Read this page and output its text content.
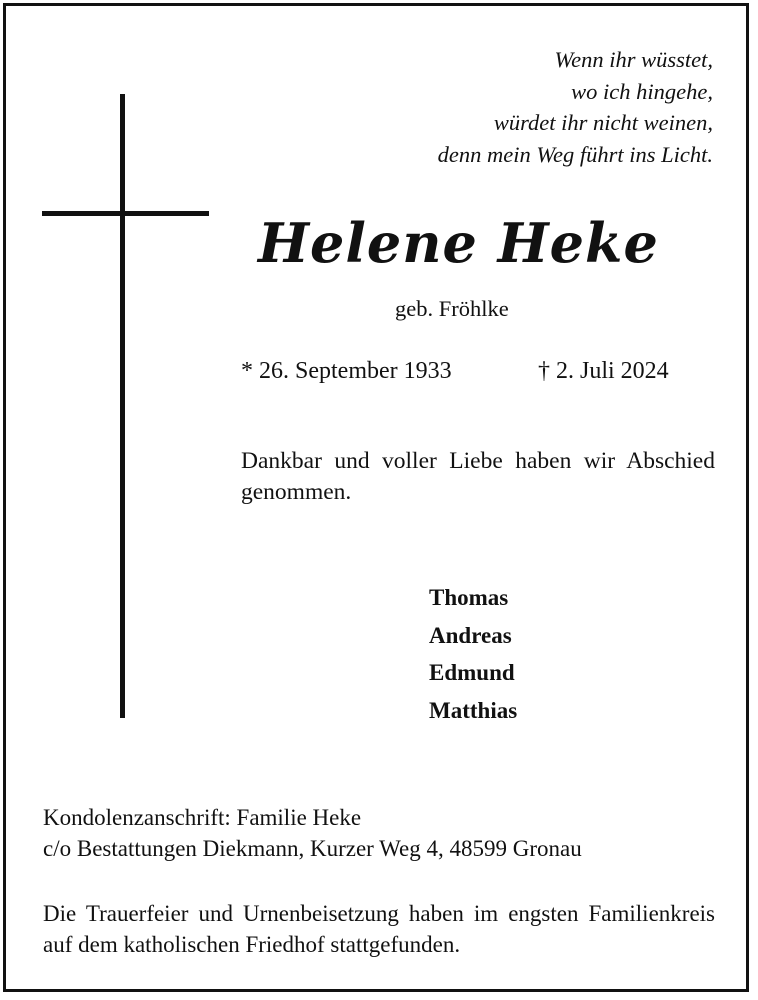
Wenn ihr wüsstet,
wo ich hingehe,
würdet ihr nicht weinen,
denn mein Weg führt ins Licht.
Helene Heke
geb. Fröhlke
* 26. September 1933	† 2. Juli 2024
Dankbar und voller Liebe haben wir Abschied genommen.
Thomas
Andreas
Edmund
Matthias
Kondolenzanschrift: Familie Heke
c/o Bestattungen Diekmann, Kurzer Weg 4, 48599 Gronau
Die Trauerfeier und Urnenbeisetzung haben im engsten Familienkreis auf dem katholischen Friedhof stattgefunden.
